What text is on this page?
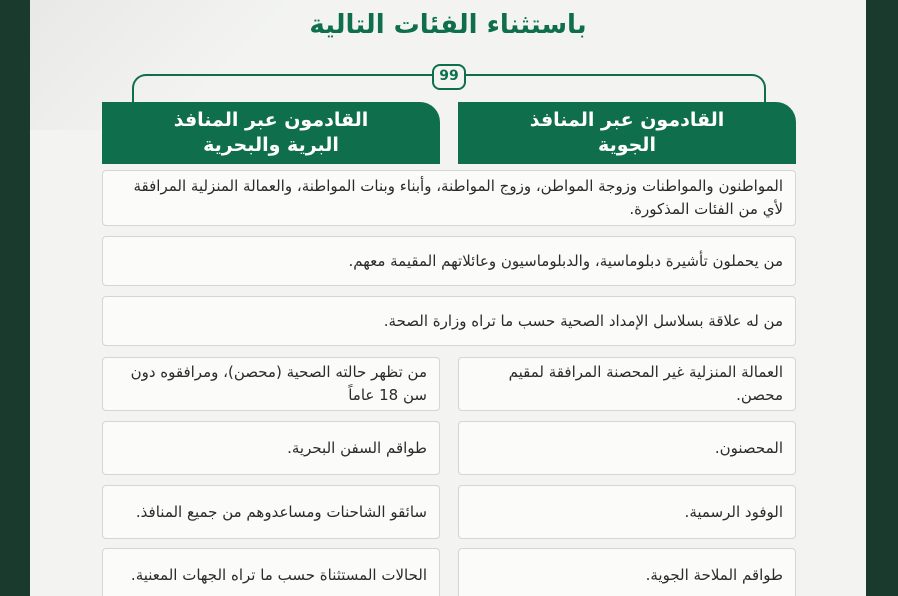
باستثناء الفئات التالية
99
القادمون عبر المنافذ
الجوية
القادمون عبر المنافذ
البرية والبحرية
المواطنون والمواطنات وزوجة المواطن، وزوج المواطنة، وأبناء وبنات المواطنة، والعمالة المنزلية المرافقة لأي من الفئات المذكورة.
من يحملون تأشيرة دبلوماسية، والدبلوماسيون وعائلاتهم المقيمة معهم.
من له علاقة بسلاسل الإمداد الصحية حسب ما تراه وزارة الصحة.
العمالة المنزلية غير المحصنة المرافقة لمقيم محصن.
من تظهر حالته الصحية (محصن)، ومرافقوه دون سن 18 عاماً
المحصنون.
طواقم السفن البحرية.
الوفود الرسمية.
سائقو الشاحنات ومساعدوهم من جميع المنافذ.
طواقم الملاحة الجوية.
الحالات المستثناة حسب ما تراه الجهات المعنية.
